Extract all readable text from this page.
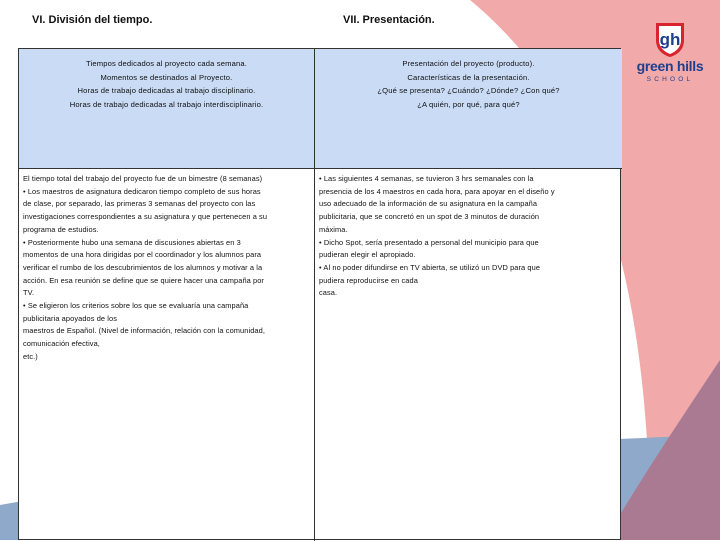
VI. División del tiempo.	VII. Presentación.

Tiempos dedicados al proyecto cada semana.

Momentos se destinados al Proyecto.

Horas de trabajo dedicadas al trabajo disciplinario.

Horas de trabajo dedicadas al trabajo interdisciplinario.

Presentación del proyecto (producto).

Características de la presentación.

¿Qué se presenta? ¿Cuándo? ¿Dónde? ¿Con qué?

¿A quién, por qué, para qué?

El tiempo total del trabajo del proyecto fue de un bimestre (8 semanas)

• Los maestros de asignatura dedicaron tiempo completo de sus horas

de clase, por separado, las primeras 3 semanas del proyecto con las

investigaciones correspondientes a su asignatura y que pertenecen a su

programa de estudios.

• Posteriormente hubo una semana de discusiones abiertas en 3

momentos de una hora dirigidas por el coordinador y los alumnos para

verificar el rumbo de los descubrimientos de los alumnos y motivar a la

acción. En esa reunión se define que se quiere hacer una campaña por

TV.

• Se eligieron los criterios sobre los que se evaluaría una campaña

publicitaria apoyados de los

maestros de Español. (Nivel de información, relación con la comunidad,

comunicación efectiva,

etc.)

• Las siguientes 4 semanas, se tuvieron 3 hrs semanales con la

presencia de los 4 maestros en cada hora, para apoyar en el diseño y

uso adecuado de la información de su asignatura en la campaña

publicitaria, que se concretó en un spot de 3 minutos de duración

máxima.

• Dicho Spot, sería presentado a personal del municipio para que

pudieran elegir el apropiado.

• Al no poder difundirse en TV abierta, se utilizó un DVD para que

pudiera reproducirse en cada

casa.

gh
green hills
SCHOOL
